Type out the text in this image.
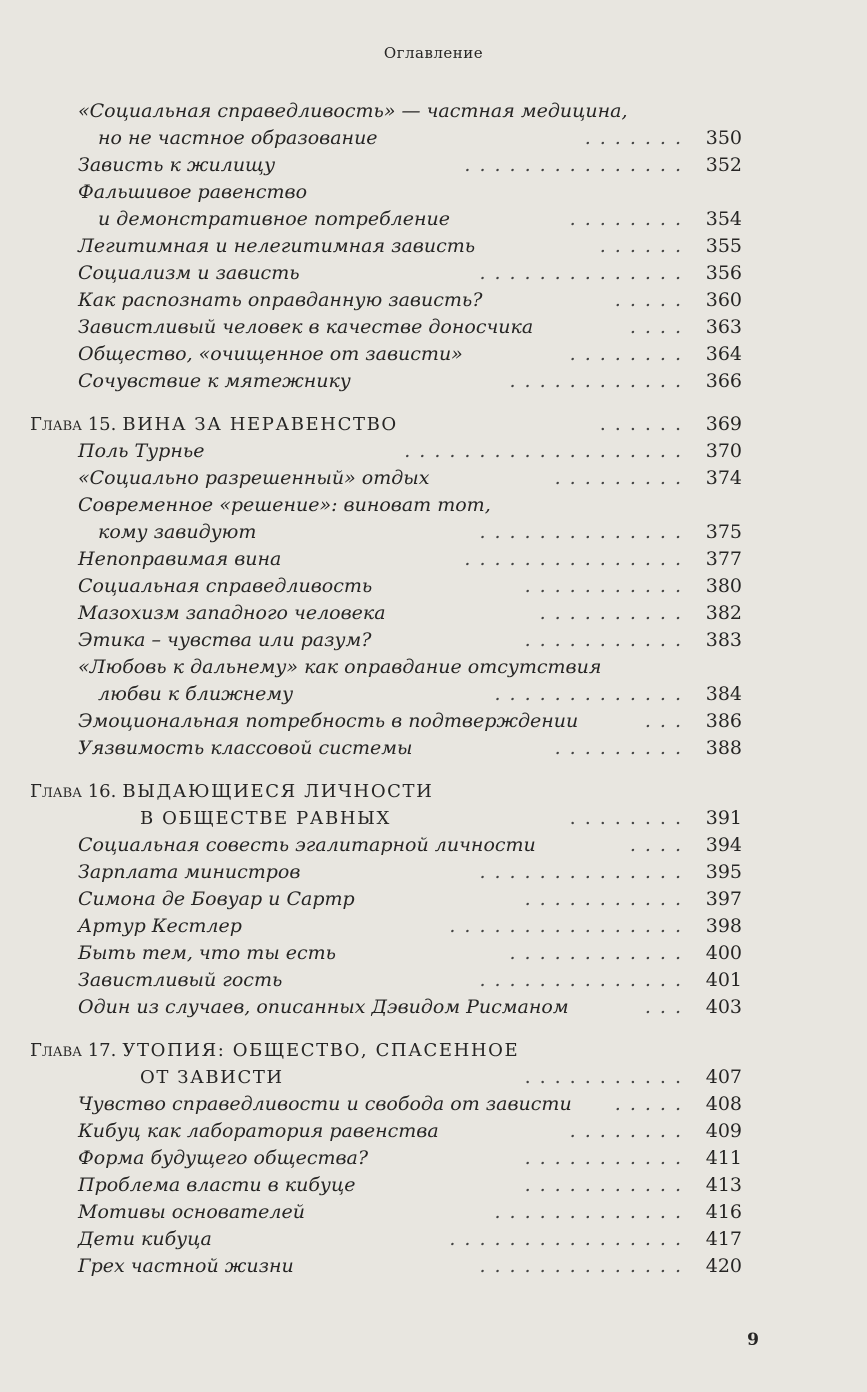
Оглавление
«Социальная справедливость» — частная медицина,
но не частное образование	....... 350
Зависть к жилищу	............... 352
Фальшивое равенство
и демонстративное потребление	........ 354
Легитимная и нелегитимная зависть	...... 355
Социализм и зависть	.............. 356
Как распознать оправданную зависть?	..... 360
Завистливый человек в качестве доносчика	.... 363
Общество, «очищенное от зависти»	........ 364
Сочувствие к мятежнику	............ 366
Глава 15. ВИНА ЗА НЕРАВЕНСТВО	...... 369
Поль Турнье	................... 370
«Социально разрешенный» отдых	......... 374
Современное «решение»: виноват тот,
кому завидуют	.............. 375
Непоправимая вина	............... 377
Социальная справедливость	........... 380
Мазохизм западного человека	.......... 382
Этика – чувства или разум?	........... 383
«Любовь к дальнему» как оправдание отсутствия
любви к ближнему	............. 384
Эмоциональная потребность в подтверждении	... 386
Уязвимость классовой системы	......... 388
Глава 16. ВЫДАЮЩИЕСЯ ЛИЧНОСТИ
В ОБЩЕСТВЕ РАВНЫХ	........ 391
Социальная совесть эгалитарной личности	.... 394
Зарплата министров	.............. 395
Симона де Бовуар и Сартр	........... 397
Артур Кестлер	................ 398
Быть тем, что ты есть	............ 400
Завистливый гость	.............. 401
Один из случаев, описанных Дэвидом Рисманом	... 403
Глава 17. УТОПИЯ: ОБЩЕСТВО, СПАСЕННОЕ
ОТ ЗАВИСТИ	........... 407
Чувство справедливости и свобода от зависти ..... 408
Кибуц как лаборатория равенства	........ 409
Форма будущего общества?	........... 411
Проблема власти в кибуце	........... 413
Мотивы основателей	............. 416
Дети кибуца	................ 417
Грех частной жизни	.............. 420
9
